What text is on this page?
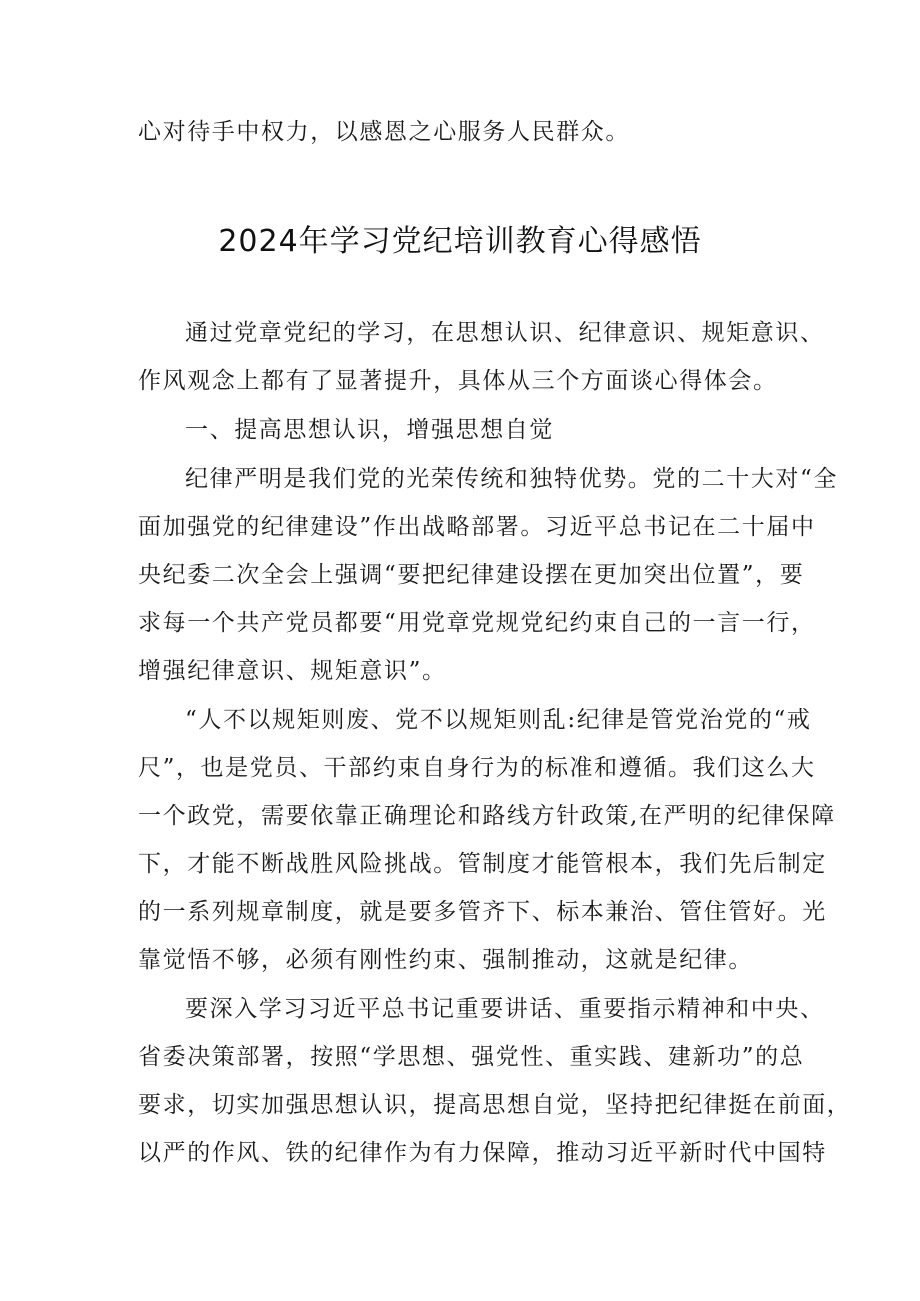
心对待手中权力，以感恩之心服务人民群众。
2024年学习党纪培训教育心得感悟
通过党章党纪的学习，在思想认识、纪律意识、规矩意识、
作风观念上都有了显著提升，具体从三个方面谈心得体会。
一、提高思想认识，增强思想自觉
纪律严明是我们党的光荣传统和独特优势。党的二十大对“全
面加强党的纪律建设”作出战略部署。习近平总书记在二十届中
央纪委二次全会上强调“要把纪律建设摆在更加突出位置”，要
求每一个共产党员都要“用党章党规党纪约束自己的一言一行，
增强纪律意识、规矩意识”。
“人不以规矩则废、党不以规矩则乱:纪律是管党治党的“戒
尺”，也是党员、干部约束自身行为的标准和遵循。我们这么大
一个政党，需要依靠正确理论和路线方针政策,在严明的纪律保障
下，才能不断战胜风险挑战。管制度才能管根本，我们先后制定
的一系列规章制度，就是要多管齐下、标本兼治、管住管好。光
靠觉悟不够，必须有刚性约束、强制推动，这就是纪律。
要深入学习习近平总书记重要讲话、重要指示精神和中央、
省委决策部署，按照“学思想、强党性、重实践、建新功”的总
要求，切实加强思想认识，提高思想自觉，坚持把纪律挺在前面，
以严的作风、铁的纪律作为有力保障，推动习近平新时代中国特
